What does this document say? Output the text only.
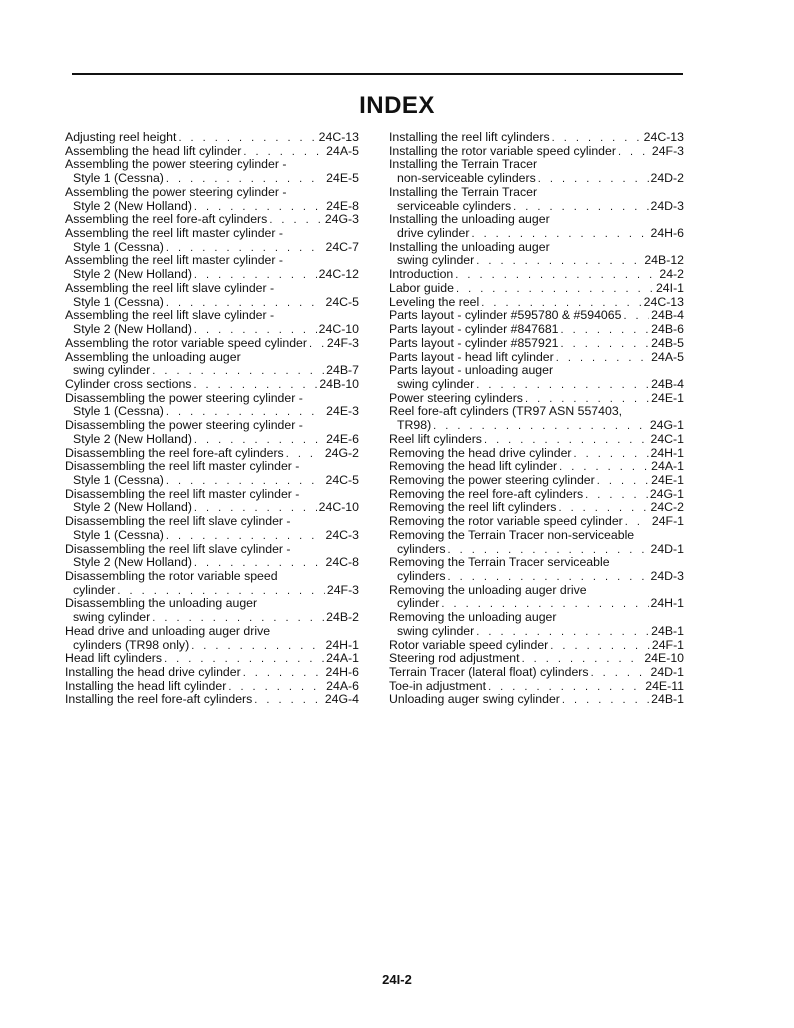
INDEX
Adjusting reel height . . .	24C-13
Assembling the head lift cylinder . . .	24A-5
Assembling the power steering cylinder -
Style 1 (Cessna) . . .	24E-5
Assembling the power steering cylinder -
Style 2 (New Holland) . . .	24E-8
Assembling the reel fore-aft cylinders . . .	24G-3
Assembling the reel lift master cylinder -
Style 1 (Cessna) . . .	24C-7
Assembling the reel lift master cylinder -
Style 2 (New Holland) . . .	24C-12
Assembling the reel lift slave cylinder -
Style 1 (Cessna) . . .	24C-5
Assembling the reel lift slave cylinder -
Style 2 (New Holland) . . .	24C-10
Assembling the rotor variable speed cylinder . . . 24F-3
Assembling the unloading auger
swing cylinder . . .	24B-7
Cylinder cross sections . . .	24B-10
Disassembling the power steering cylinder -
Style 1 (Cessna) . . .	24E-3
Disassembling the power steering cylinder -
Style 2 (New Holland) . . .	24E-6
Disassembling the reel fore-aft cylinders . . .	24G-2
Disassembling the reel lift master cylinder -
Style 1 (Cessna) . . .	24C-5
Disassembling the reel lift master cylinder -
Style 2 (New Holland) . . .	24C-10
Disassembling the reel lift slave cylinder -
Style 1 (Cessna) . . .	24C-3
Disassembling the reel lift slave cylinder -
Style 2 (New Holland) . . .	24C-8
Disassembling the rotor variable speed
cylinder . . .	24F-3
Disassembling the unloading auger
swing cylinder . . .	24B-2
Head drive and unloading auger drive
cylinders (TR98 only) . . .	24H-1
Head lift cylinders . . .	24A-1
Installing the head drive cylinder . . .	24H-6
Installing the head lift cylinder . . .	24A-6
Installing the reel fore-aft cylinders . . .	24G-4
Installing the reel lift cylinders . . .	24C-13
Installing the rotor variable speed cylinder . . .	24F-3
Installing the Terrain Tracer
non-serviceable cylinders . . .	24D-2
Installing the Terrain Tracer
serviceable cylinders . . .	24D-3
Installing the unloading auger
drive cylinder . . .	24H-6
Installing the unloading auger
swing cylinder . . .	24B-12
Introduction . . .	24-2
Labor guide . . .	24I-1
Leveling the reel . . .	24C-13
Parts layout - cylinder #595780 & #594065 . . . 24B-4
Parts layout - cylinder #847681 . . .	24B-6
Parts layout - cylinder #857921 . . .	24B-5
Parts layout - head lift cylinder . . .	24A-5
Parts layout - unloading auger
swing cylinder . . .	24B-4
Power steering cylinders . . .	24E-1
Reel fore-aft cylinders (TR97 ASN 557403,
TR98) . . .	24G-1
Reel lift cylinders . . .	24C-1
Removing the head drive cylinder . . .	24H-1
Removing the head lift cylinder . . .	24A-1
Removing the power steering cylinder . . .	24E-1
Removing the reel fore-aft cylinders . . .	24G-1
Removing the reel lift cylinders . . .	24C-2
Removing the rotor variable speed cylinder . . . 24F-1
Removing the Terrain Tracer non-serviceable
cylinders . . .	24D-1
Removing the Terrain Tracer serviceable
cylinders . . .	24D-3
Removing the unloading auger drive
cylinder . . .	24H-1
Removing the unloading auger
swing cylinder . . .	24B-1
Rotor variable speed cylinder . . .	24F-1
Steering rod adjustment . . .	24E-10
Terrain Tracer (lateral float) cylinders . . .	24D-1
Toe-in adjustment . . .	24E-11
Unloading auger swing cylinder . . .	24B-1
24I-2
